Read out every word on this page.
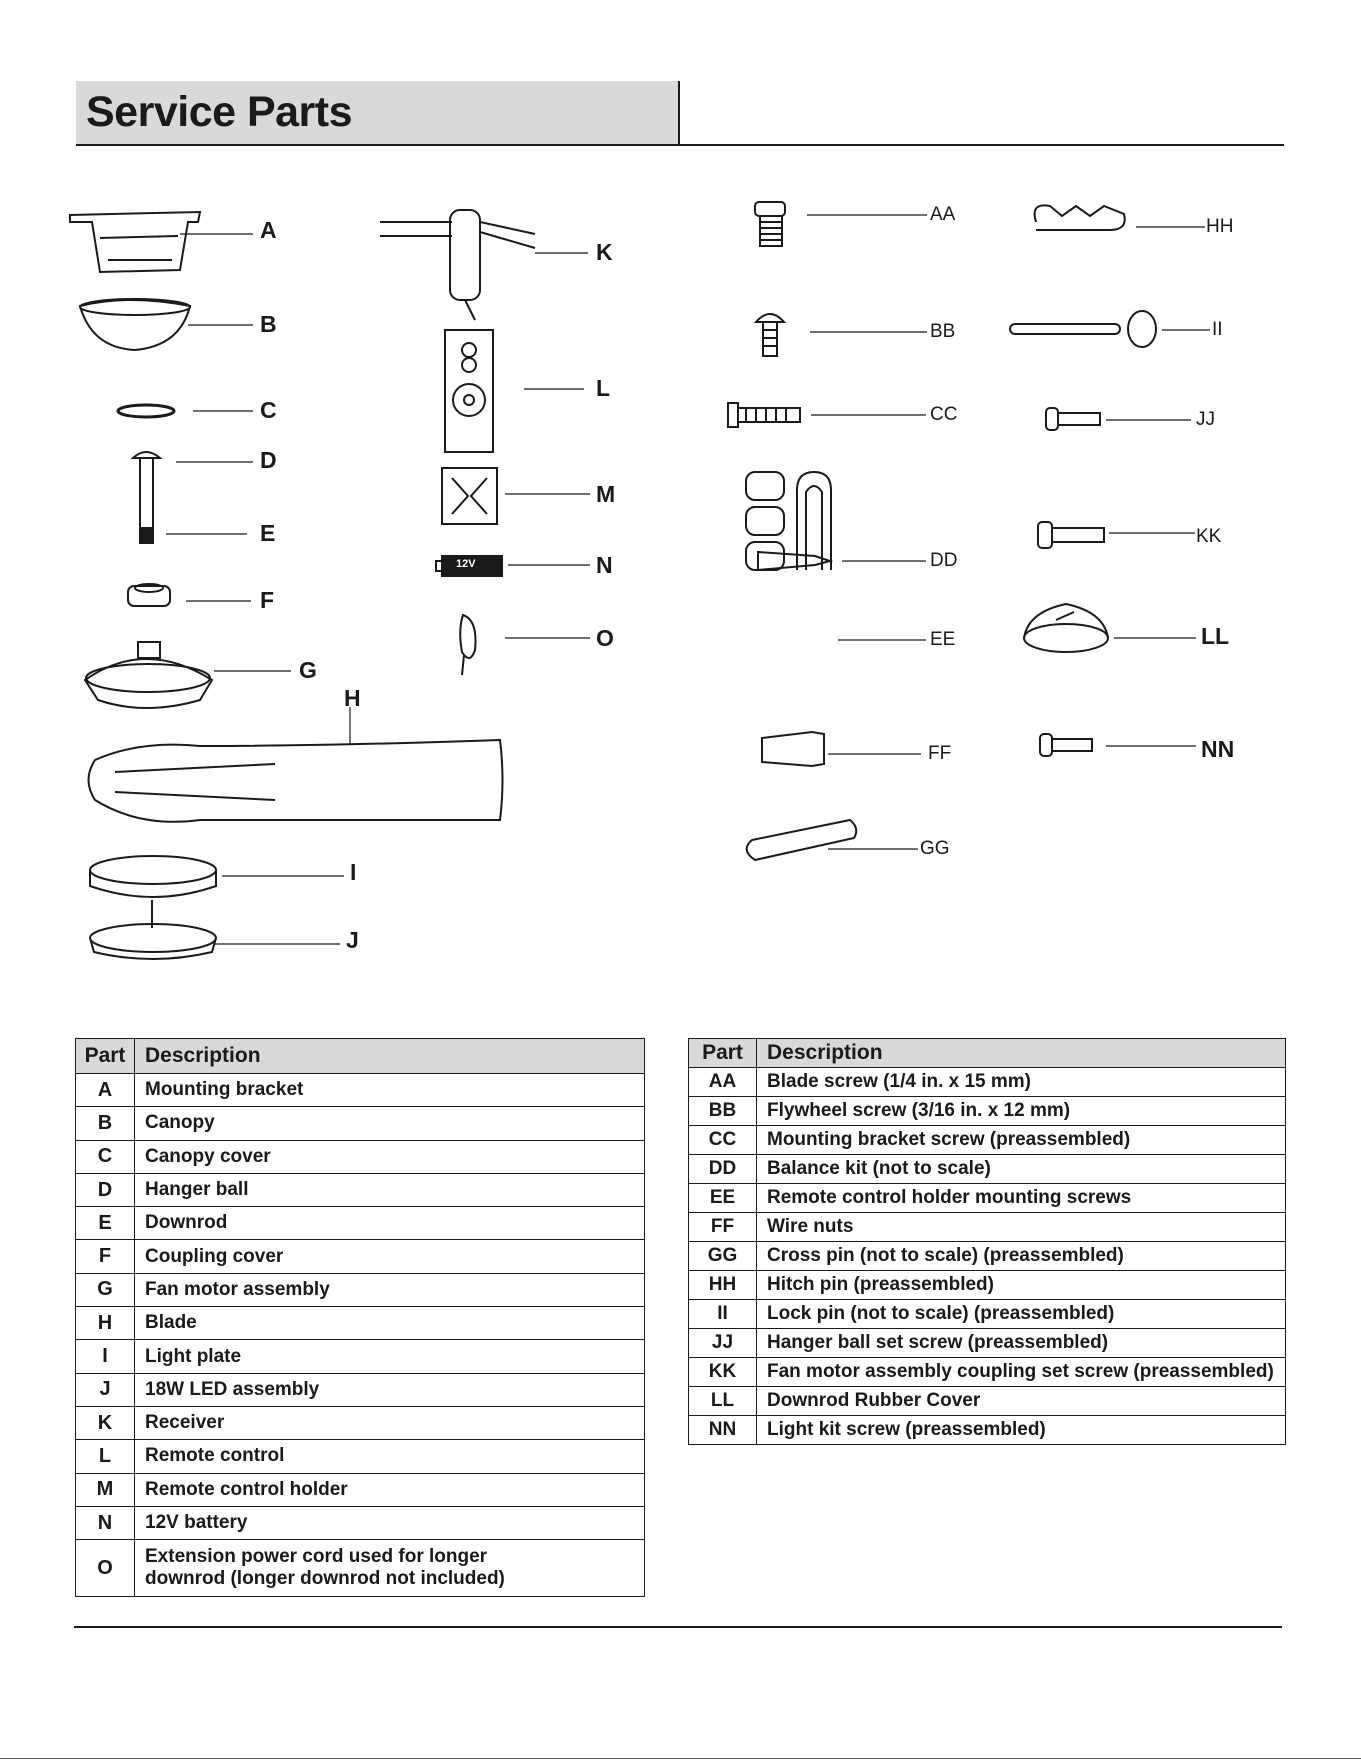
Service Parts
A
B
C
D
E
F
G
H
I
J
K
L
M
N
O
12V
AA
BB
CC
DD
EE
FF
GG
HH
II
JJ
KK
LL
NN
Part	Description
A	Mounting bracket
B	Canopy
C	Canopy cover
D	Hanger ball
E	Downrod
F	Coupling cover
G	Fan motor assembly
H	Blade
I	Light plate
J	18W LED assembly
K	Receiver
L	Remote control
M	Remote control holder
N	12V battery
O	Extension power cord used for longer
downrod (longer downrod not included)
Part	Description
AA	Blade screw (1/4 in. x 15 mm)
BB	Flywheel screw (3/16 in. x 12 mm)
CC	Mounting bracket screw (preassembled)
DD	Balance kit (not to scale)
EE	Remote control holder mounting screws
FF	Wire nuts
GG	Cross pin (not to scale) (preassembled)
HH	Hitch pin (preassembled)
II	Lock pin (not to scale) (preassembled)
JJ	Hanger ball set screw (preassembled)
KK	Fan motor assembly coupling set screw (preassembled)
LL	Downrod Rubber Cover
NN	Light kit screw (preassembled)
